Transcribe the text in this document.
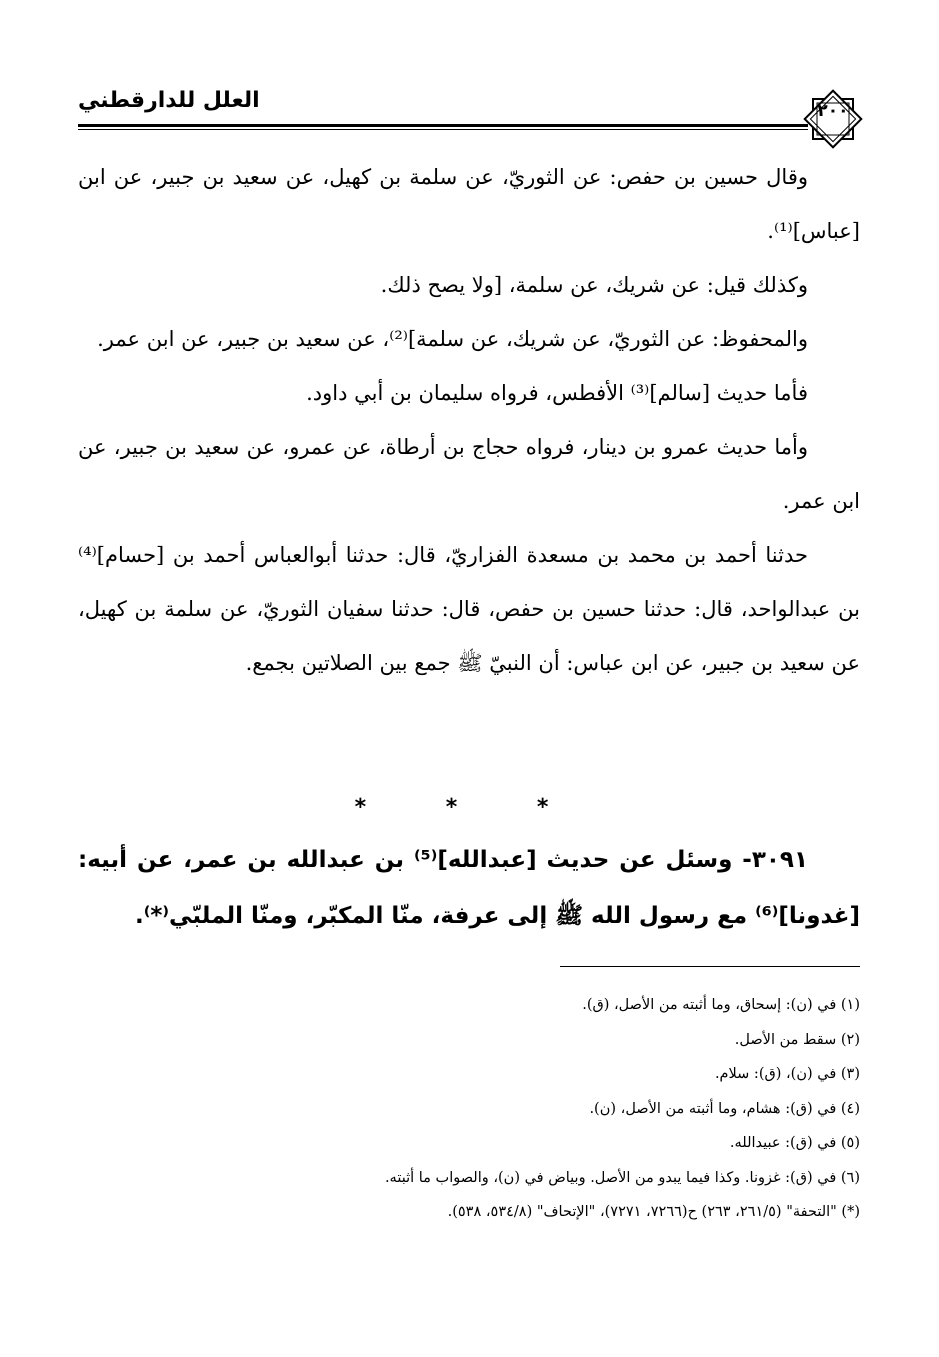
العلل للدارقطني	٢٠٠

وقال حسين بن حفص: عن الثوريّ، عن سلمة بن كهيل، عن سعيد بن جبير، عن ابن [عباس]⁽¹⁾.

وكذلك قيل: عن شريك، عن سلمة، [ولا يصح ذلك.

والمحفوظ: عن الثوريّ، عن شريك، عن سلمة]⁽²⁾، عن سعيد بن جبير، عن ابن عمر.

فأما حديث [سالم]⁽³⁾ الأفطس، فرواه سليمان بن أبي داود.

وأما حديث عمرو بن دينار، فرواه حجاج بن أرطاة، عن عمرو، عن سعيد بن جبير، عن ابن عمر.

حدثنا أحمد بن محمد بن مسعدة الفزاريّ، قال: حدثنا أبوالعباس أحمد بن [حسام]⁽⁴⁾ بن عبدالواحد، قال: حدثنا حسين بن حفص، قال: حدثنا سفيان الثوريّ، عن سلمة بن كهيل، عن سعيد بن جبير، عن ابن عباس: أن النبيّ ﷺ جمع بين الصلاتين بجمع.

* * *
٣٠٩١- وسئل عن حديث [عبدالله]⁽⁵⁾ بن عبدالله بن عمر، عن أبيه: [غدونا]⁽⁶⁾ مع رسول الله ﷺ إلى عرفة، منّا المكبّر، ومنّا الملبّي⁽*⁾.
(١) في (ن): إسحاق، وما أثبته من الأصل، (ق).
(٢) سقط من الأصل.
(٣) في (ن)، (ق): سلام.
(٤) في (ق): هشام، وما أثبته من الأصل، (ن).
(٥) في (ق): عبيدالله.
(٦) في (ق): غزونا. وكذا فيما يبدو من الأصل. وبياض في (ن)، والصواب ما أثبته.
(*) "التحفة" (٢٦١/٥، ٢٦٣) ح(٧٢٦٦، ٧٢٧١)، "الإتحاف" (٥٣٤/٨، ٥٣٨).
